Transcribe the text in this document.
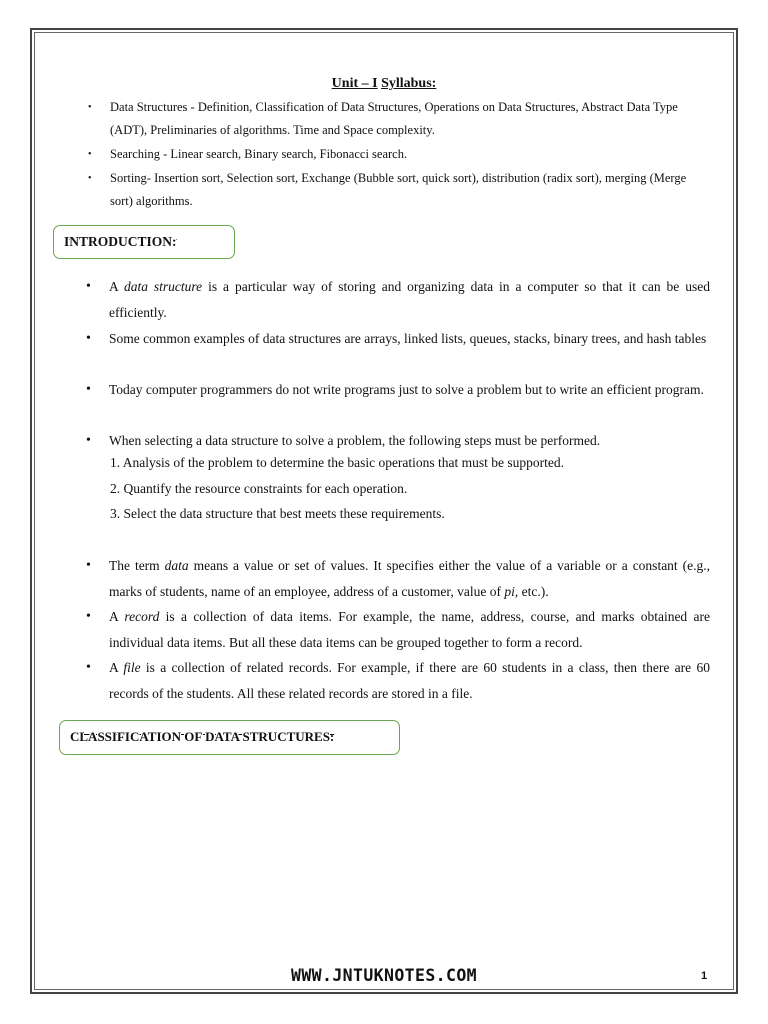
Unit – I Syllabus:
• Data Structures - Definition, Classification of Data Structures, Operations on Data Structures, Abstract Data Type (ADT), Preliminaries of algorithms. Time and Space complexity.
• Searching - Linear search, Binary search, Fibonacci search.
• Sorting- Insertion sort, Selection sort, Exchange (Bubble sort, quick sort), distribution (radix sort), merging (Merge sort) algorithms.
INTRODUCTION:
• A data structure is a particular way of storing and organizing data in a computer so that it can be used efficiently.
• Some common examples of data structures are arrays, linked lists, queues, stacks, binary trees, and hash tables
• Today computer programmers do not write programs just to solve a problem but to write an efficient program.
• When selecting a data structure to solve a problem, the following steps must be performed.
1. Analysis of the problem to determine the basic operations that must be supported.
2. Quantify the resource constraints for each operation.
3. Select the data structure that best meets these requirements.
• The term data means a value or set of values. It specifies either the value of a variable or a constant (e.g., marks of students, name of an employee, address of a customer, value of pi, etc.).
• A record is a collection of data items. For example, the name, address, course, and marks obtained are individual data items. But all these data items can be grouped together to form a record.
• A file is a collection of related records. For example, if there are 60 students in a class, then there are 60 records of the students. All these related records are stored in a file.
CLASSIFICATION OF DATA STRUCTURES:
WWW.JNTUKNOTES.COM	1
